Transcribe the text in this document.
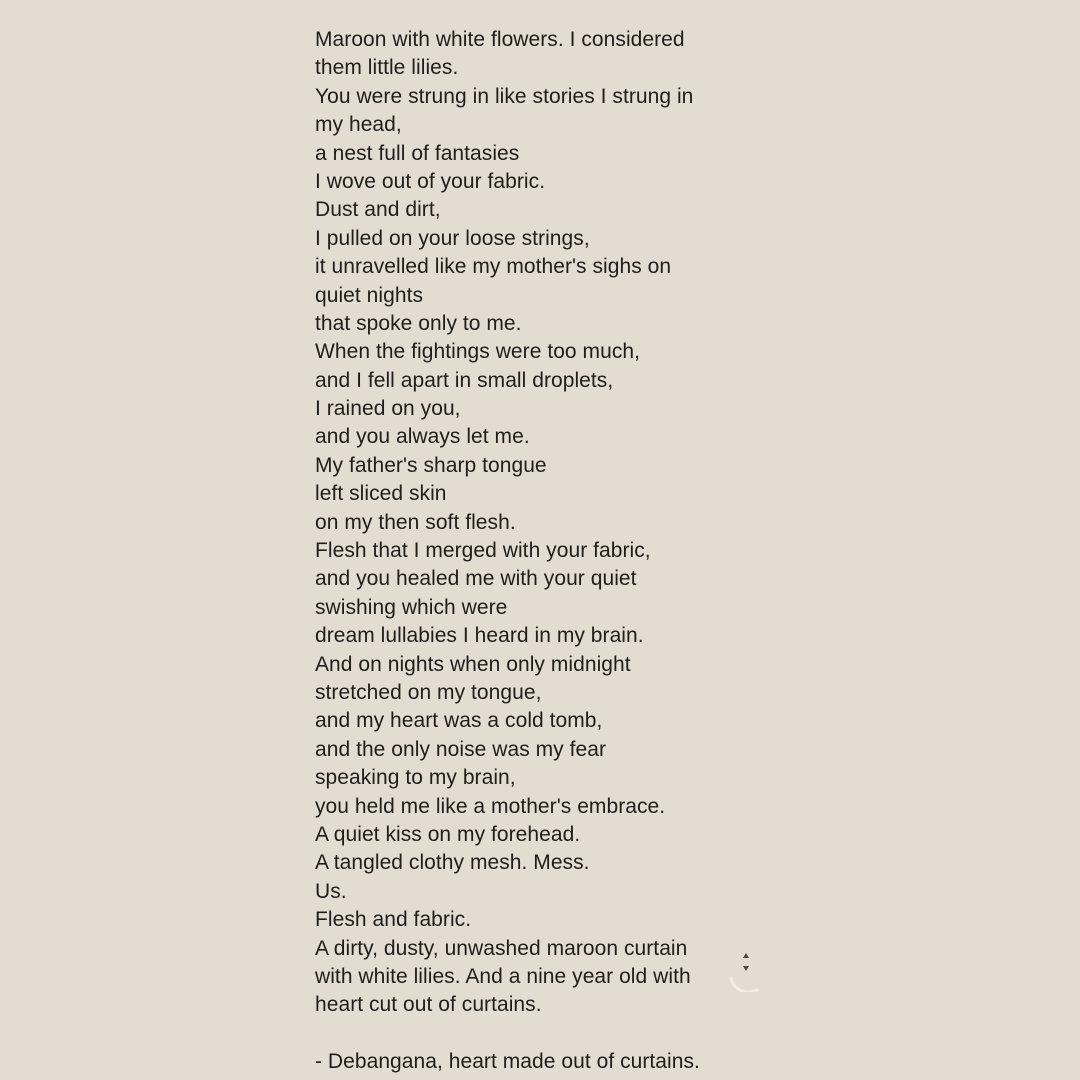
Maroon with white flowers. I considered
them little lilies.
You were strung in like stories I strung in
my head,
a nest full of fantasies
I wove out of your fabric.
Dust and dirt,
I pulled on your loose strings,
it unravelled like my mother's sighs on
quiet nights
that spoke only to me.
When the fightings were too much,
and I fell apart in small droplets,
I rained on you,
and you always let me.
My father's sharp tongue
left sliced skin
on my then soft flesh.
Flesh that I merged with your fabric,
and you healed me with your quiet
swishing which were
dream lullabies I heard in my brain.
And on nights when only midnight
stretched on my tongue,
and my heart was a cold tomb,
and the only noise was my fear
speaking to my brain,
you held me like a mother's embrace.
A quiet kiss on my forehead.
A tangled clothy mesh. Mess.
Us.
Flesh and fabric.
A dirty, dusty, unwashed maroon curtain
with white lilies. And a nine year old with
heart cut out of curtains.
- Debangana, heart made out of curtains.
